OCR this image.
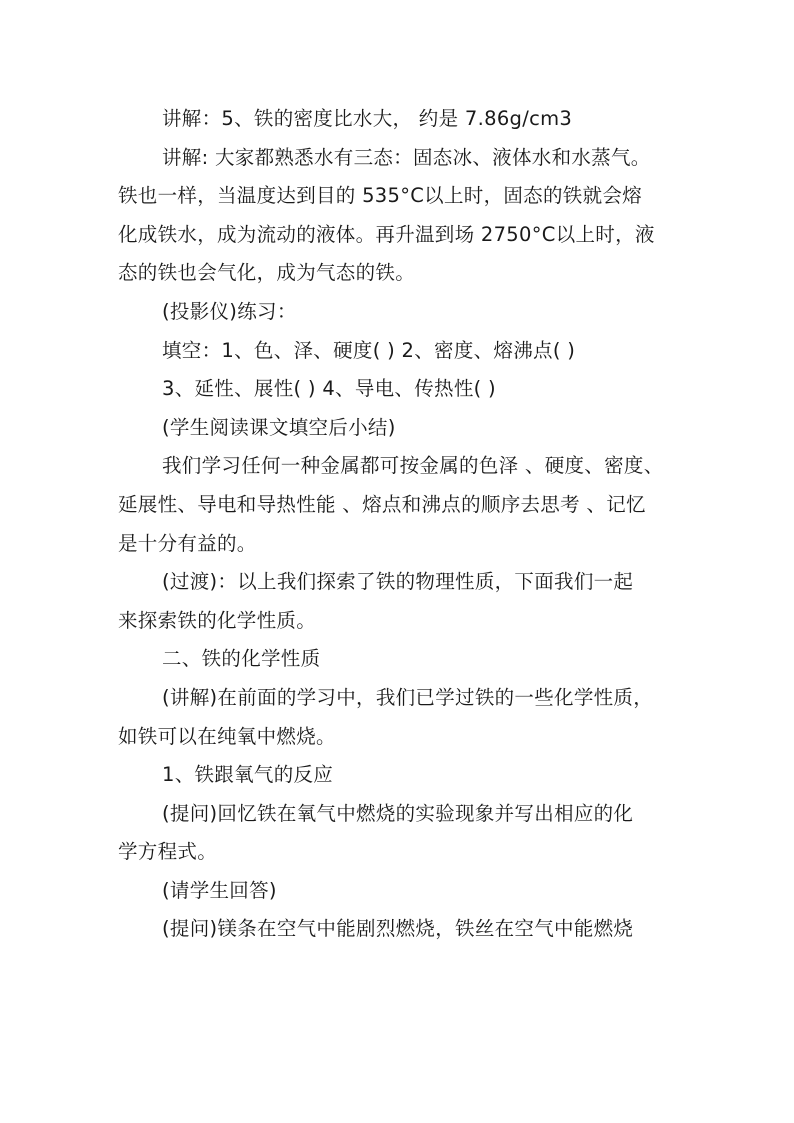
讲解：5、铁的密度比水大， 约是 7.86g/cm3
讲解: 大家都熟悉水有三态：固态冰、液体水和水蒸气。
铁也一样，当温度达到目的 535°C以上时，固态的铁就会熔
化成铁水，成为流动的液体。再升温到场 2750°C以上时，液
态的铁也会气化，成为气态的铁。
(投影仪)练习：
填空：1、色、泽、硬度( ) 2、密度、熔沸点( )
3、延性、展性( ) 4、导电、传热性( )
(学生阅读课文填空后小结)
我们学习任何一种金属都可按金属的色泽 、硬度、密度、
延展性、导电和导热性能 、熔点和沸点的顺序去思考 、记忆
是十分有益的。
(过渡)：以上我们探索了铁的物理性质，下面我们一起
来探索铁的化学性质。
二、铁的化学性质
(讲解)在前面的学习中，我们已学过铁的一些化学性质，
如铁可以在纯氧中燃烧。
1、铁跟氧气的反应
(提问)回忆铁在氧气中燃烧的实验现象并写出相应的化
学方程式。
(请学生回答)
(提问)镁条在空气中能剧烈燃烧，铁丝在空气中能燃烧
